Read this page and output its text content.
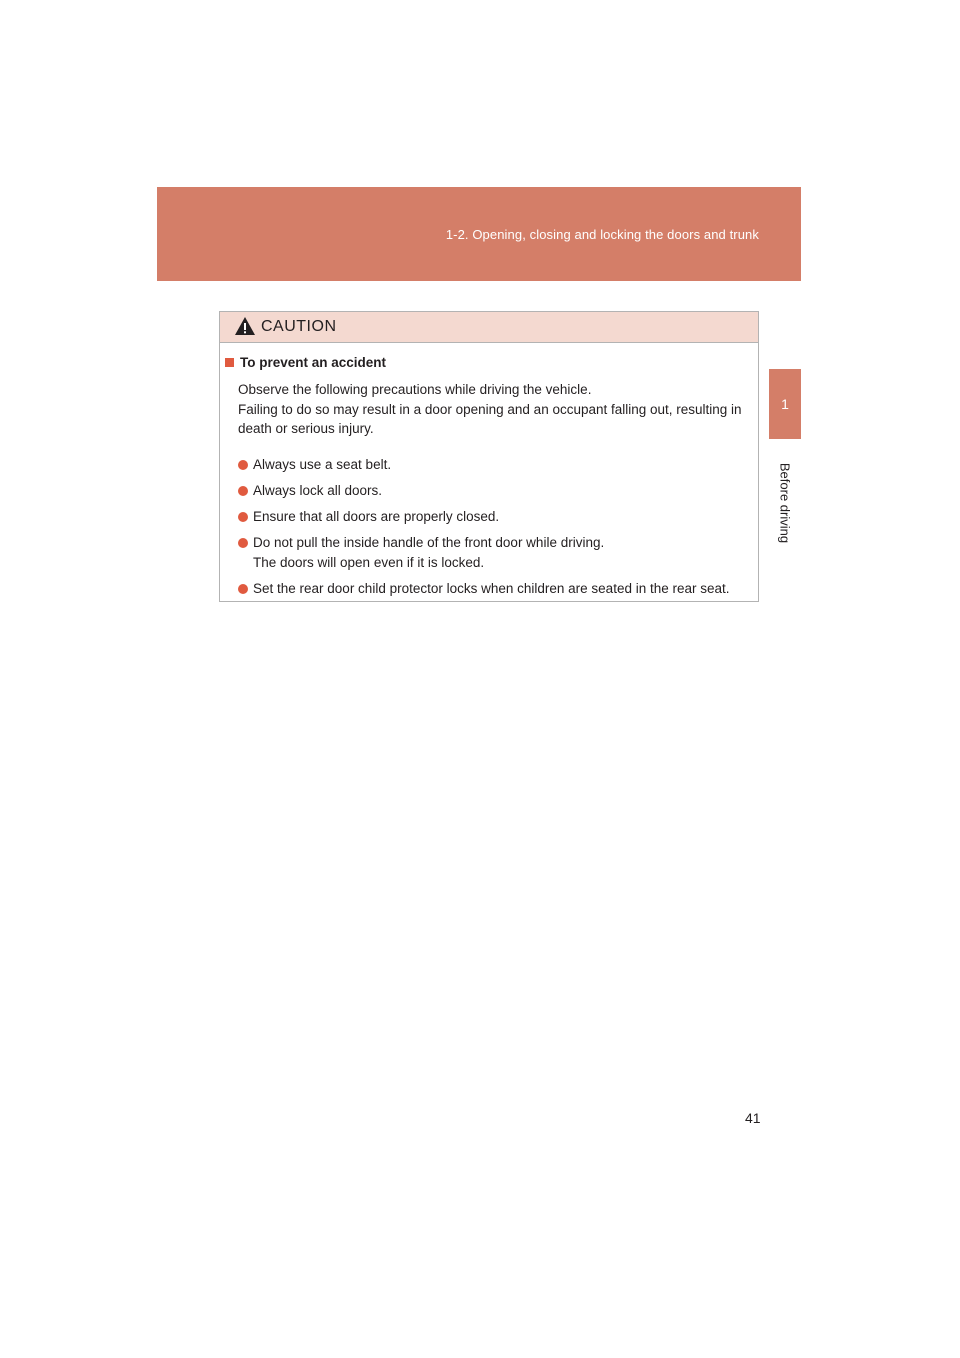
1-2. Opening, closing and locking the doors and trunk
1
Before driving
CAUTION
To prevent an accident
Observe the following precautions while driving the vehicle.
Failing to do so may result in a door opening and an occupant falling out, resulting in
death or serious injury.
Always use a seat belt.
Always lock all doors.
Ensure that all doors are properly closed.
Do not pull the inside handle of the front door while driving.
The doors will open even if it is locked.
Set the rear door child protector locks when children are seated in the rear seat.
41
